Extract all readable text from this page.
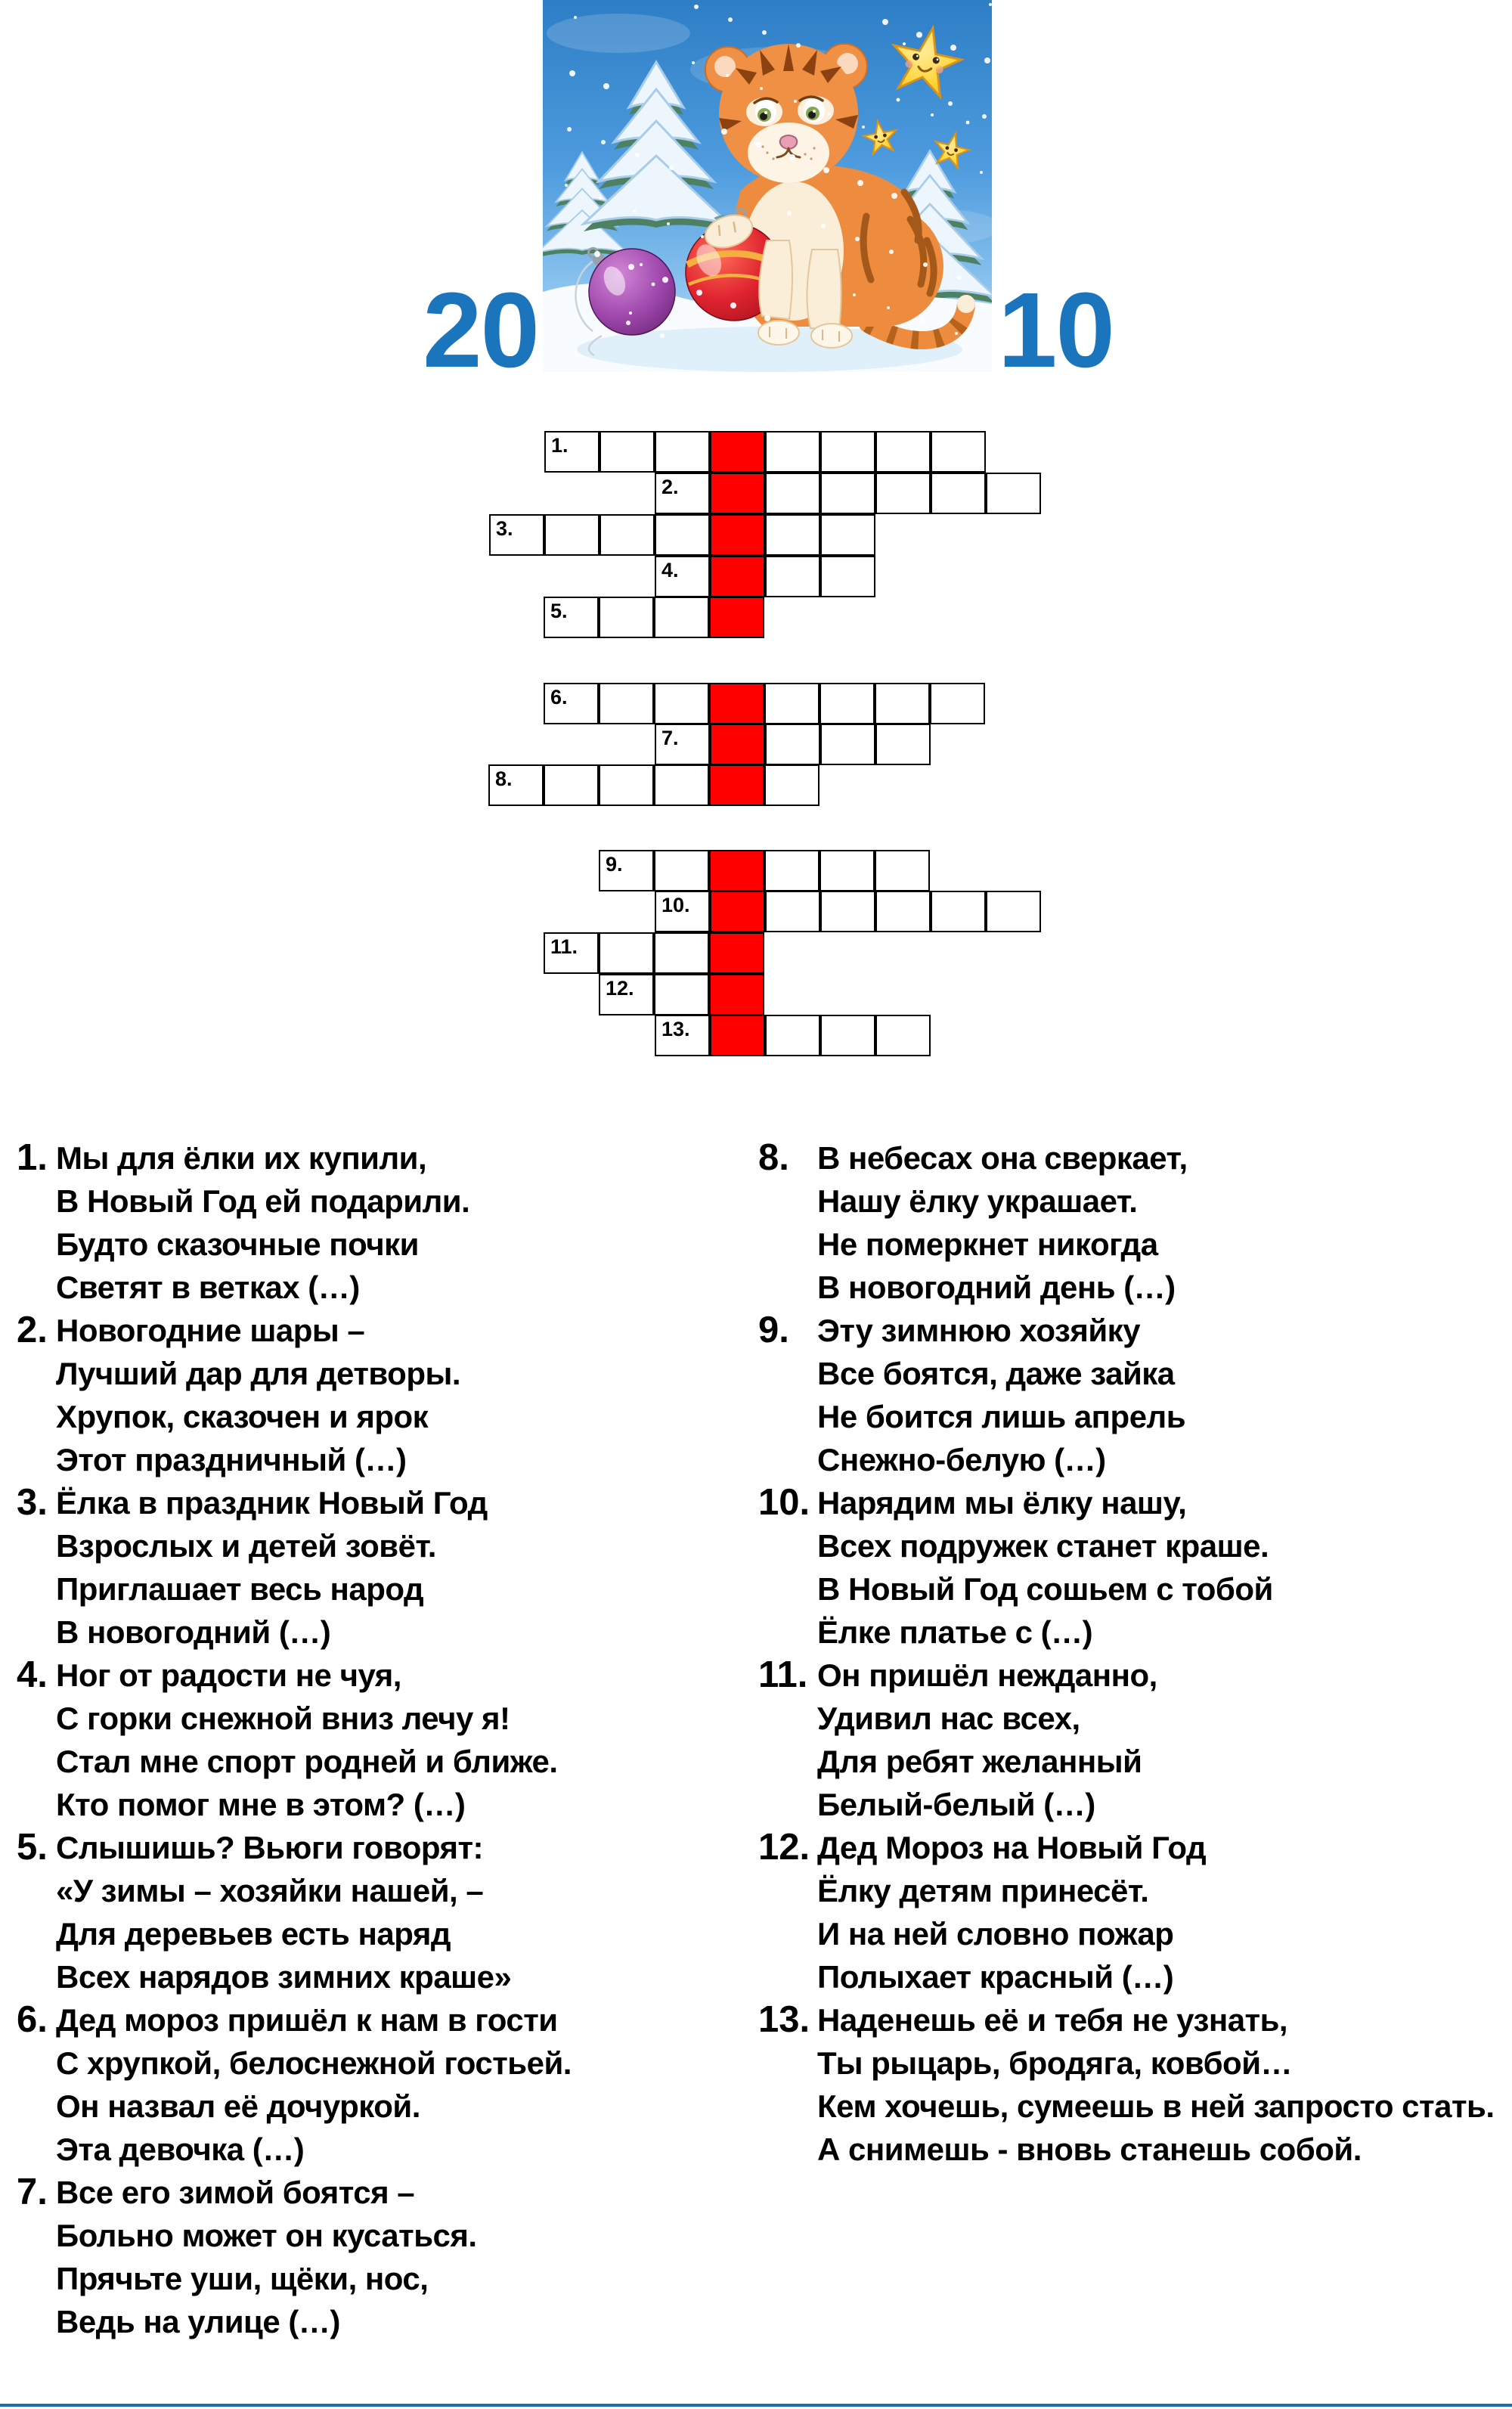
20	10
1.
2.
3.
4.
5.
6.
7.
8.
9.
10.
11.
12.
13.
1. Мы для ёлки их купили,
В Новый Год ей подарили.
Будто сказочные почки
Светят в ветках (…)
2. Новогодние шары –
Лучший дар для детворы.
Хрупок, сказочен и ярок
Этот праздничный (…)
3. Ёлка в праздник Новый Год
Взрослых и детей зовёт.
Приглашает весь народ
В новогодний (…)
4. Ног от радости не чуя,
С горки снежной вниз лечу я!
Стал мне спорт родней и ближе.
Кто помог мне в этом? (…)
5. Слышишь? Вьюги говорят:
«У зимы – хозяйки нашей, –
Для деревьев есть наряд
Всех нарядов зимних краше»
6. Дед мороз пришёл к нам в гости
С хрупкой, белоснежной гостьей.
Он назвал её дочуркой.
Эта девочка (…)
7. Все его зимой боятся –
Больно может он кусаться.
Прячьте уши, щёки, нос,
Ведь на улице (…)
8. В небесах она сверкает,
Нашу ёлку украшает.
Не померкнет никогда
В новогодний день (…)
9. Эту зимнюю хозяйку
Все боятся, даже зайка
Не боится лишь апрель
Снежно-белую (…)
10. Нарядим мы ёлку нашу,
Всех подружек станет краше.
В Новый Год сошьем с тобой
Ёлке платье с (…)
11. Он пришёл нежданно,
Удивил нас всех,
Для ребят желанный
Белый-белый (…)
12. Дед Мороз на Новый Год
Ёлку детям принесёт.
И на ней словно пожар
Полыхает красный (…)
13. Наденешь её и тебя не узнать,
Ты рыцарь, бродяга, ковбой…
Кем хочешь, сумеешь в ней запросто стать.
А снимешь - вновь станешь собой.
